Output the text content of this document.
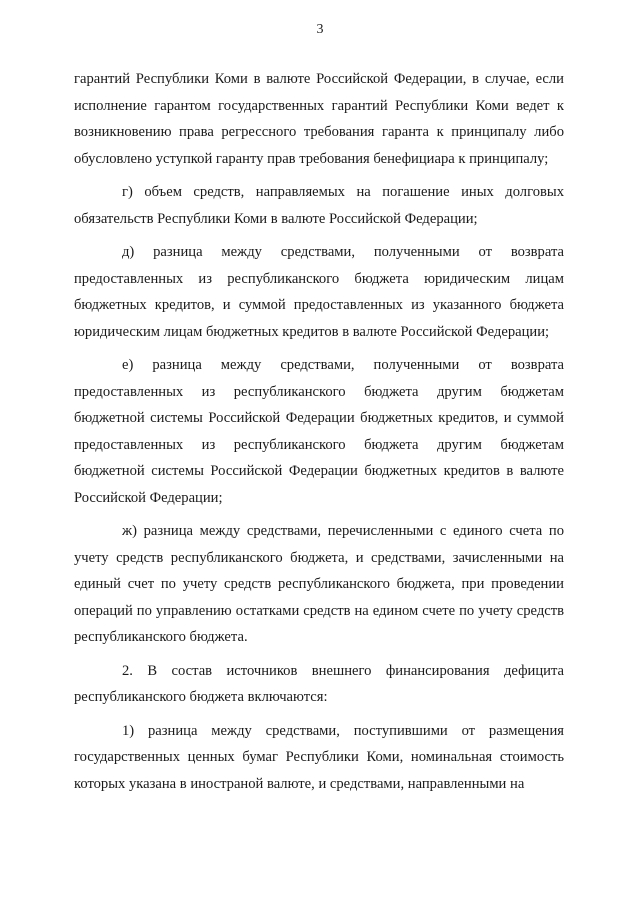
3

гарантий Республики Коми в валюте Российской Федерации, в случае, если исполнение гарантом государственных гарантий Республики Коми ведет к возникновению права регрессного требования гаранта к принципалу либо обусловлено уступкой гаранту прав требования бенефициара к принципалу;

г) объем средств, направляемых на погашение иных долговых обязательств Республики Коми в валюте Российской Федерации;

д) разница между средствами, полученными от возврата предоставленных из республиканского бюджета юридическим лицам бюджетных кредитов, и суммой предоставленных из указанного бюджета юридическим лицам бюджетных кредитов в валюте Российской Федерации;

е) разница между средствами, полученными от возврата предоставленных из республиканского бюджета другим бюджетам бюджетной системы Российской Федерации бюджетных кредитов, и суммой предоставленных из республиканского бюджета другим бюджетам бюджетной системы Российской Федерации бюджетных кредитов в валюте Российской Федерации;

ж) разница между средствами, перечисленными с единого счета по учету средств республиканского бюджета, и средствами, зачисленными на единый счет по учету средств республиканского бюджета, при проведении операций по управлению остатками средств на едином счете по учету средств республиканского бюджета.

2. В состав источников внешнего финансирования дефицита республиканского бюджета включаются:

1) разница между средствами, поступившими от размещения государственных ценных бумаг Республики Коми, номинальная стоимость которых указана в иностраной валюте, и средствами, направленными на
